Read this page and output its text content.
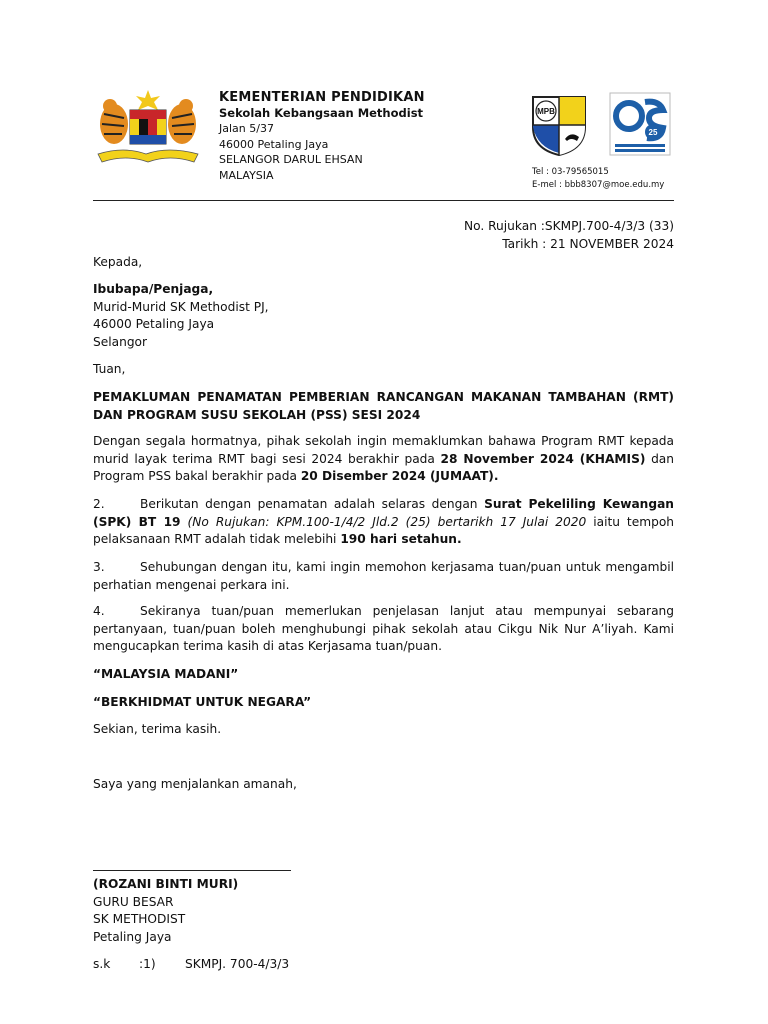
KEMENTERIAN PENDIDIKAN
Sekolah Kebangsaan Methodist
Jalan 5/37
46000 Petaling Jaya
SELANGOR DARUL EHSAN
MALAYSIA
MPB
25
Tel : 03-79565015
E-mel : bbb8307@moe.edu.my
No. Rujukan :SKMPJ.700-4/3/3 (33)
Tarikh : 21 NOVEMBER 2024
Kepada,
Ibubapa/Penjaga,
Murid-Murid SK Methodist PJ,
46000 Petaling Jaya
Selangor
Tuan,
PEMAKLUMAN PENAMATAN PEMBERIAN RANCANGAN MAKANAN TAMBAHAN (RMT) DAN PROGRAM SUSU SEKOLAH (PSS) SESI 2024
Dengan segala hormatnya, pihak sekolah ingin memaklumkan bahawa Program RMT kepada murid layak terima RMT bagi sesi 2024 berakhir pada 28 November 2024 (KHAMIS) dan Program PSS bakal berakhir pada 20 Disember 2024 (JUMAAT).
2.	Berikutan dengan penamatan adalah selaras dengan Surat Pekeliling Kewangan (SPK) BT 19 (No Rujukan: KPM.100-1/4/2 Jld.2 (25) bertarikh 17 Julai 2020 iaitu tempoh pelaksanaan RMT adalah tidak melebihi 190 hari setahun.
3.	Sehubungan dengan itu, kami ingin memohon kerjasama tuan/puan untuk mengambil perhatian mengenai perkara ini.
4.	Sekiranya tuan/puan memerlukan penjelasan lanjut atau mempunyai sebarang pertanyaan, tuan/puan boleh menghubungi pihak sekolah atau Cikgu Nik Nur A’liyah. Kami mengucapkan terima kasih di atas Kerjasama tuan/puan.
“MALAYSIA MADANI”
“BERKHIDMAT UNTUK NEGARA”
Sekian, terima kasih.
Saya yang menjalankan amanah,
(ROZANI BINTI MURI)
GURU BESAR
SK METHODIST
Petaling Jaya
s.k :1) SKMPJ. 700-4/3/3
